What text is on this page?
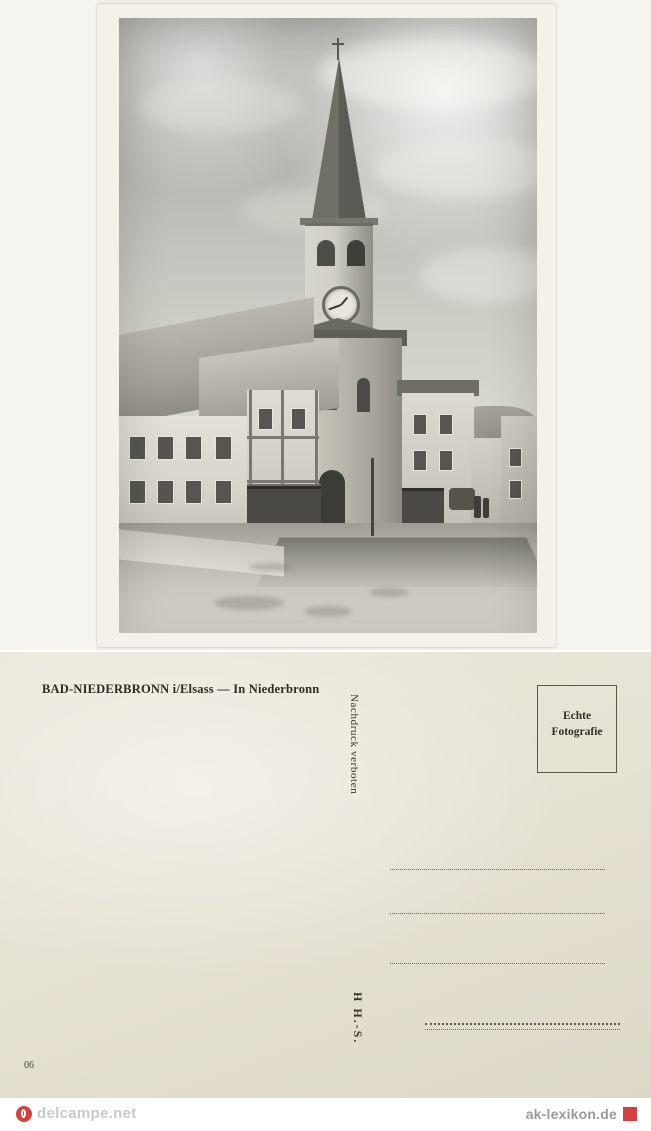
BAD-NIEDERBRONN i/Elsass — In Niederbronn
Nachdruck verboten
H H.-S.
Echte
Fotografie
06
delcampe.net	ak-lexikon.de
